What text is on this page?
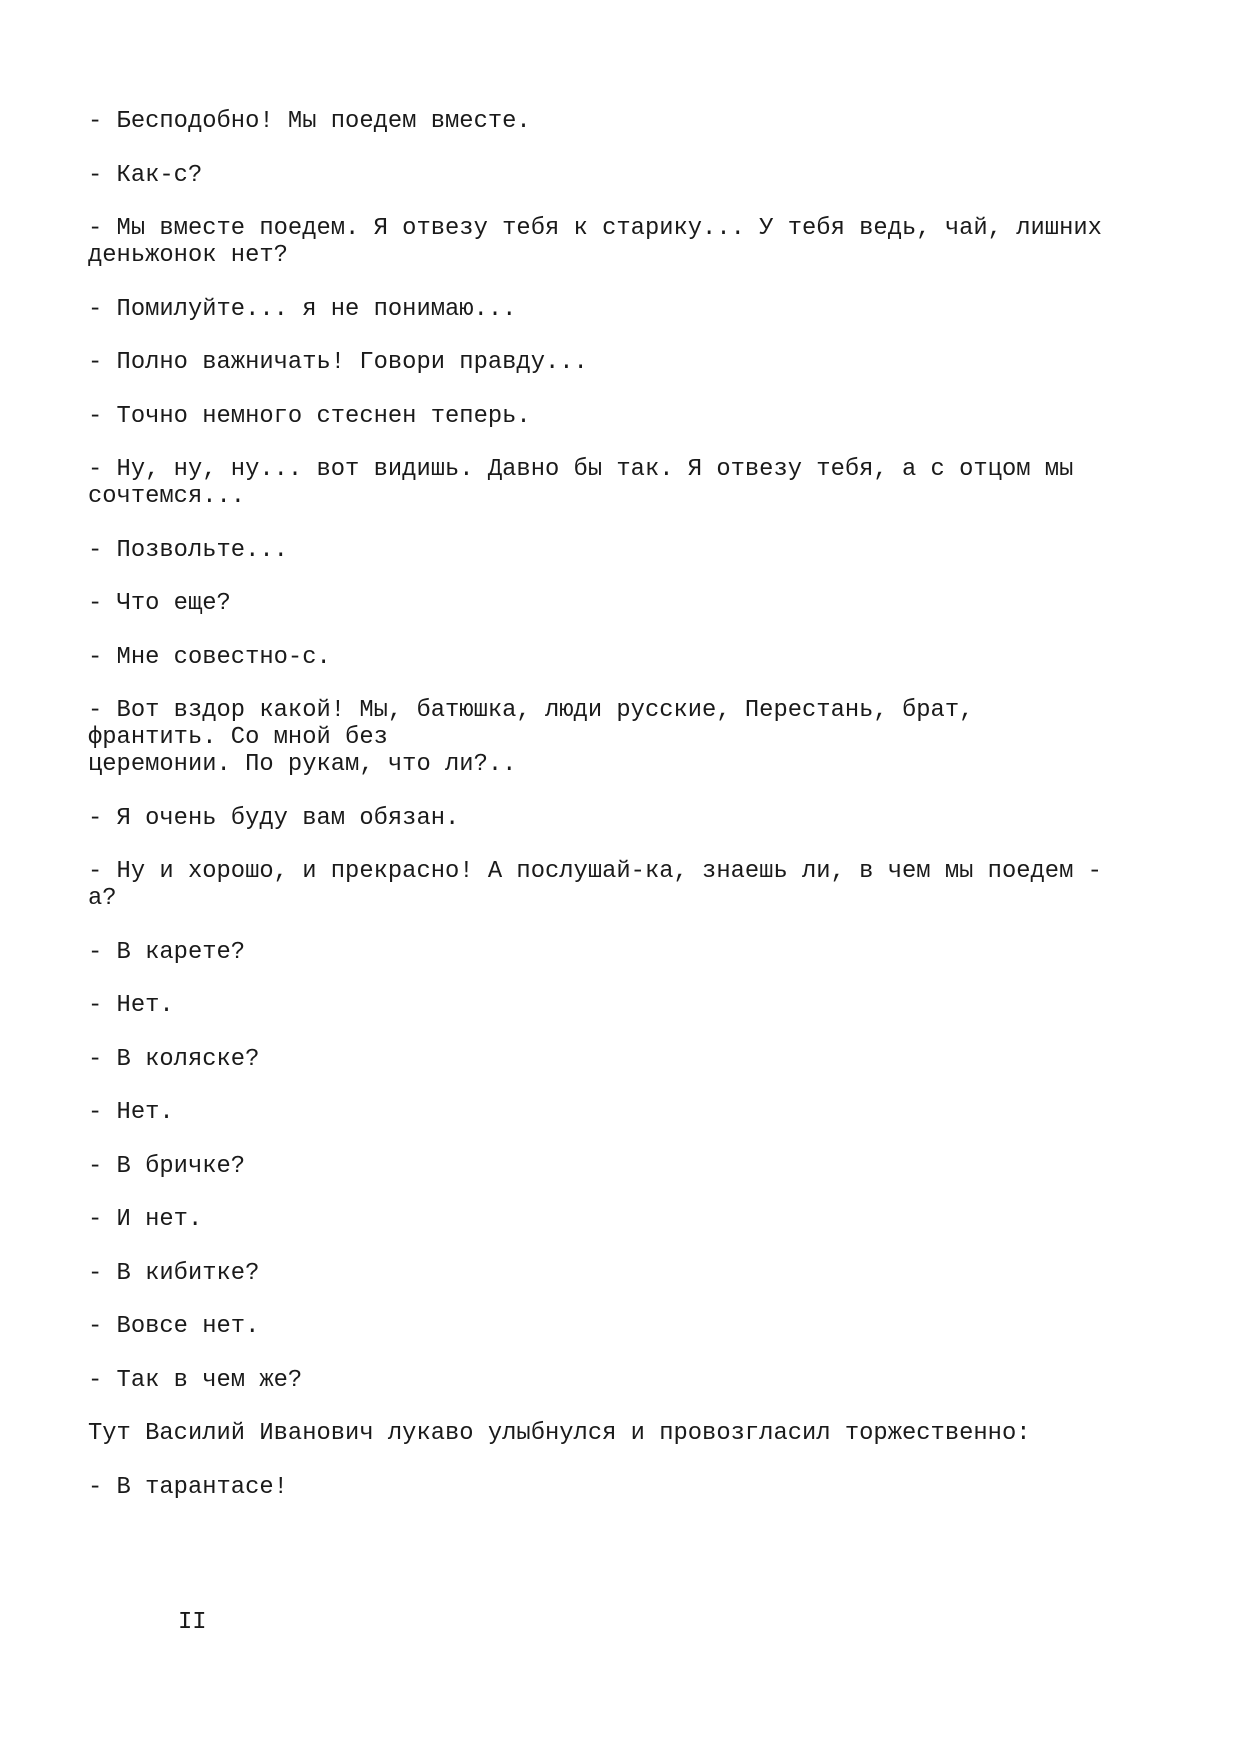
- Бесподобно! Мы поедем вместе.

- Как-с?

- Мы вместе поедем. Я отвезу тебя к старику... У тебя ведь, чай, лишних
деньжонок нет?

- Помилуйте... я не понимаю...

- Полно важничать! Говори правду...

- Точно немного стеснен теперь.

- Ну, ну, ну... вот видишь. Давно бы так. Я отвезу тебя, а с отцом мы
сочтемся...

- Позвольте...

- Что еще?

- Мне совестно-с.

- Вот вздор какой! Мы, батюшка, люди русские, Перестань, брат,
франтить. Со мной без
церемонии. По рукам, что ли?..

- Я очень буду вам обязан.

- Ну и хорошо, и прекрасно! А послушай-ка, знаешь ли, в чем мы поедем -
а?

- В карете?

- Нет.

- В коляске?

- Нет.

- В бричке?

- И нет.

- В кибитке?

- Вовсе нет.

- Так в чем же?

Тут Василий Иванович лукаво улыбнулся и провозгласил торжественно:

- В тарантасе!

II
